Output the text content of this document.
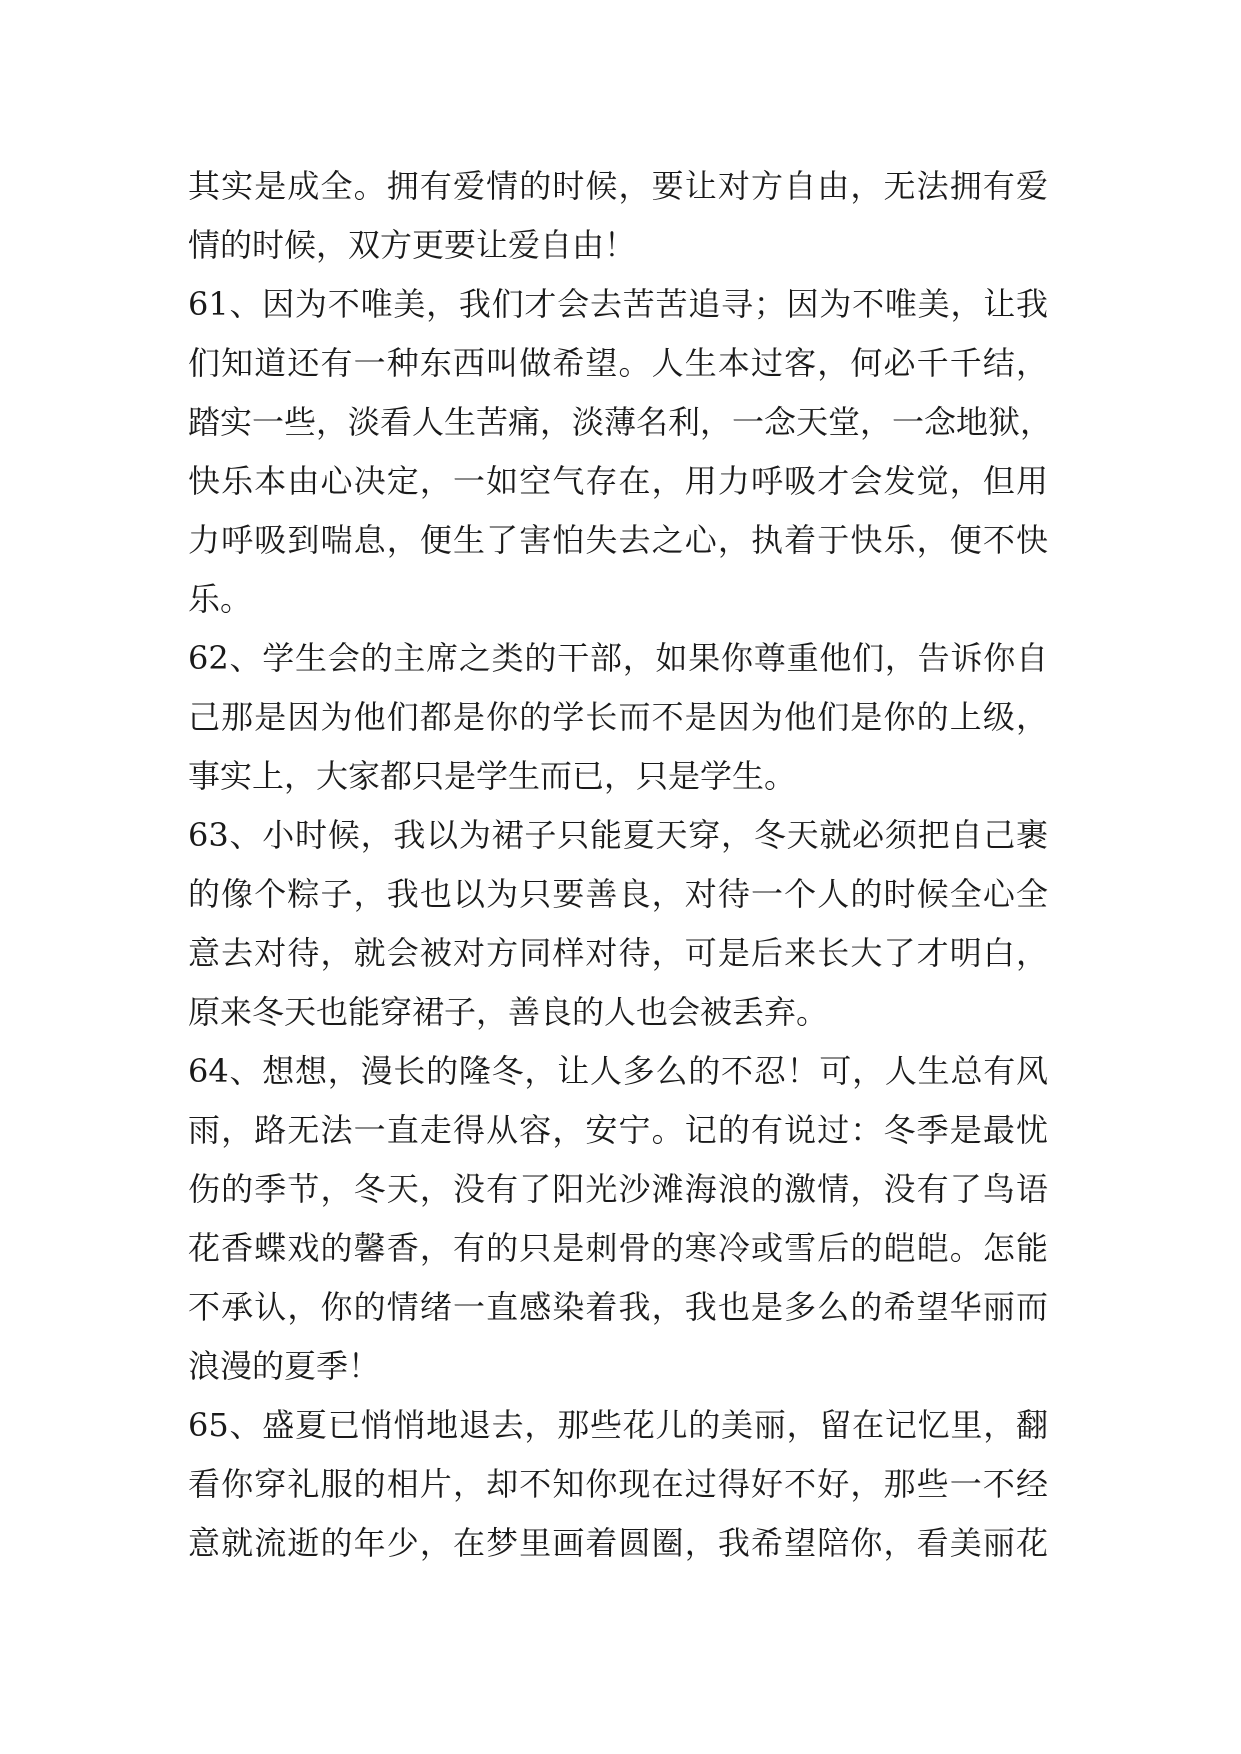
其实是成全。拥有爱情的时候，要让对方自由，无法拥有爱
情的时候，双方更要让爱自由！
61、因为不唯美，我们才会去苦苦追寻；因为不唯美，让我
们知道还有一种东西叫做希望。人生本过客，何必千千结，
踏实一些，淡看人生苦痛，淡薄名利，一念天堂，一念地狱，
快乐本由心决定，一如空气存在，用力呼吸才会发觉，但用
力呼吸到喘息，便生了害怕失去之心，执着于快乐，便不快
乐。
62、学生会的主席之类的干部，如果你尊重他们，告诉你自
己那是因为他们都是你的学长而不是因为他们是你的上级，
事实上，大家都只是学生而已，只是学生。
63、小时候，我以为裙子只能夏天穿，冬天就必须把自己裹
的像个粽子，我也以为只要善良，对待一个人的时候全心全
意去对待，就会被对方同样对待，可是后来长大了才明白，
原来冬天也能穿裙子，善良的人也会被丢弃。
64、想想，漫长的隆冬，让人多么的不忍！可，人生总有风
雨，路无法一直走得从容，安宁。记的有说过：冬季是最忧
伤的季节，冬天，没有了阳光沙滩海浪的激情，没有了鸟语
花香蝶戏的馨香，有的只是刺骨的寒冷或雪后的皑皑。怎能
不承认，你的情绪一直感染着我，我也是多么的希望华丽而
浪漫的夏季！
65、盛夏已悄悄地退去，那些花儿的美丽，留在记忆里，翻
看你穿礼服的相片，却不知你现在过得好不好，那些一不经
意就流逝的年少，在梦里画着圆圈，我希望陪你，看美丽花
